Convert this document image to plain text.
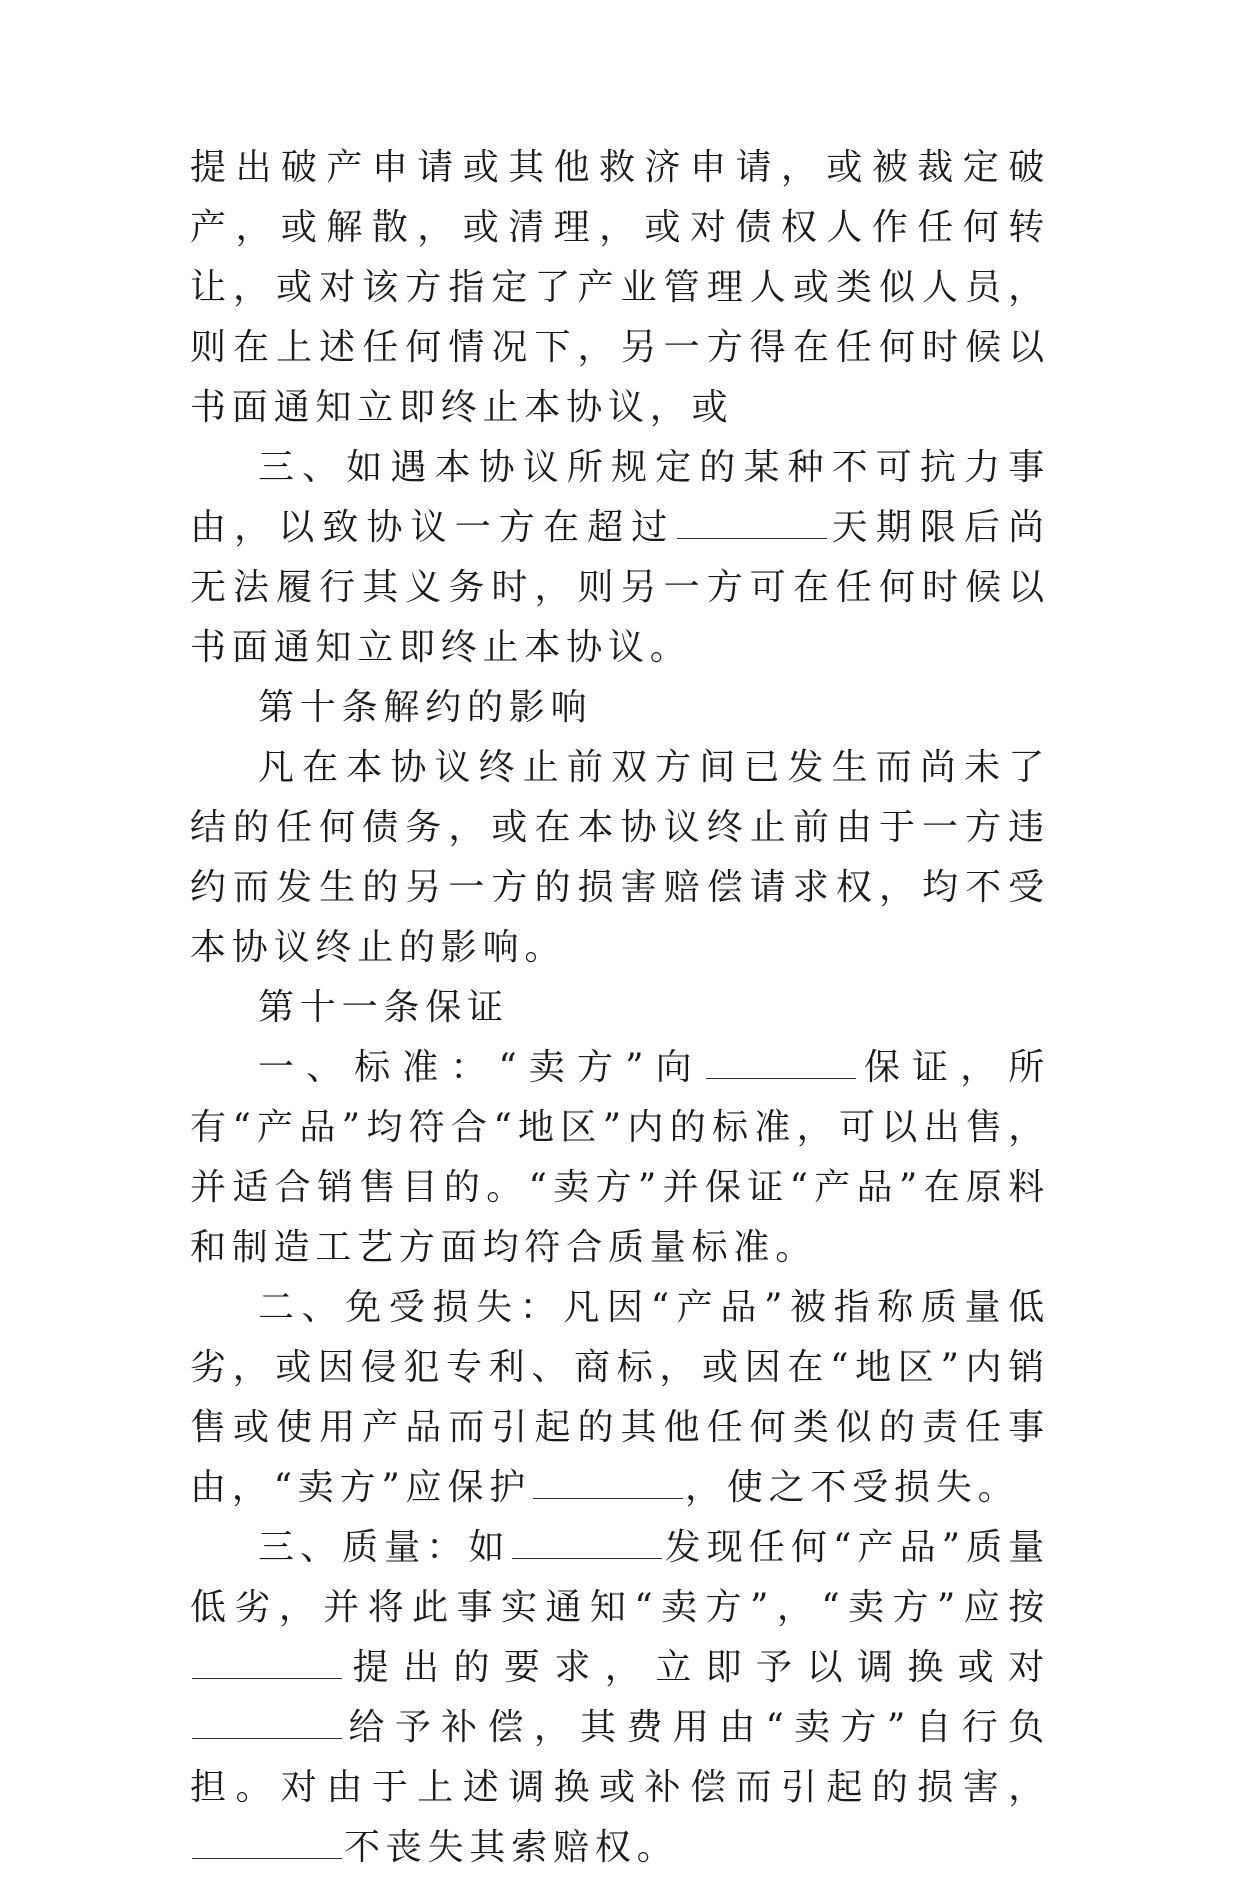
提出破产申请或其他救济申请，或被裁定破产，或解散，或清理，或对债权人作任何转让，或对该方指定了产业管理人或类似人员，则在上述任何情况下，另一方得在任何时候以书面通知立即终止本协议，或

三、如遇本协议所规定的某种不可抗力事由，以致协议一方在超过	天期限后尚无法履行其义务时，则另一方可在任何时候以书面通知立即终止本协议。

第十条解约的影响

凡在本协议终止前双方间已发生而尚未了结的任何债务，或在本协议终止前由于一方违约而发生的另一方的损害赔偿请求权，均不受本协议终止的影响。

第十一条保证

一、标准：“卖方”向	保证，所有“产品”均符合“地区”内的标准，可以出售，并适合销售目的。“卖方”并保证“产品”在原料和制造工艺方面均符合质量标准。

二、免受损失：凡因“产品”被指称质量低劣，或因侵犯专利、商标，或因在“地区”内销售或使用产品而引起的其他任何类似的责任事由，“卖方”应保护	，使之不受损失。

三、质量：如	发现任何“产品”质量低劣，并将此事实通知“卖方”，“卖方”应按提出的要求，立即予以调换或对给予补偿，其费用由“卖方”自行负担。对由于上述调换或补偿而引起的损害，不丧失其索赔权。
